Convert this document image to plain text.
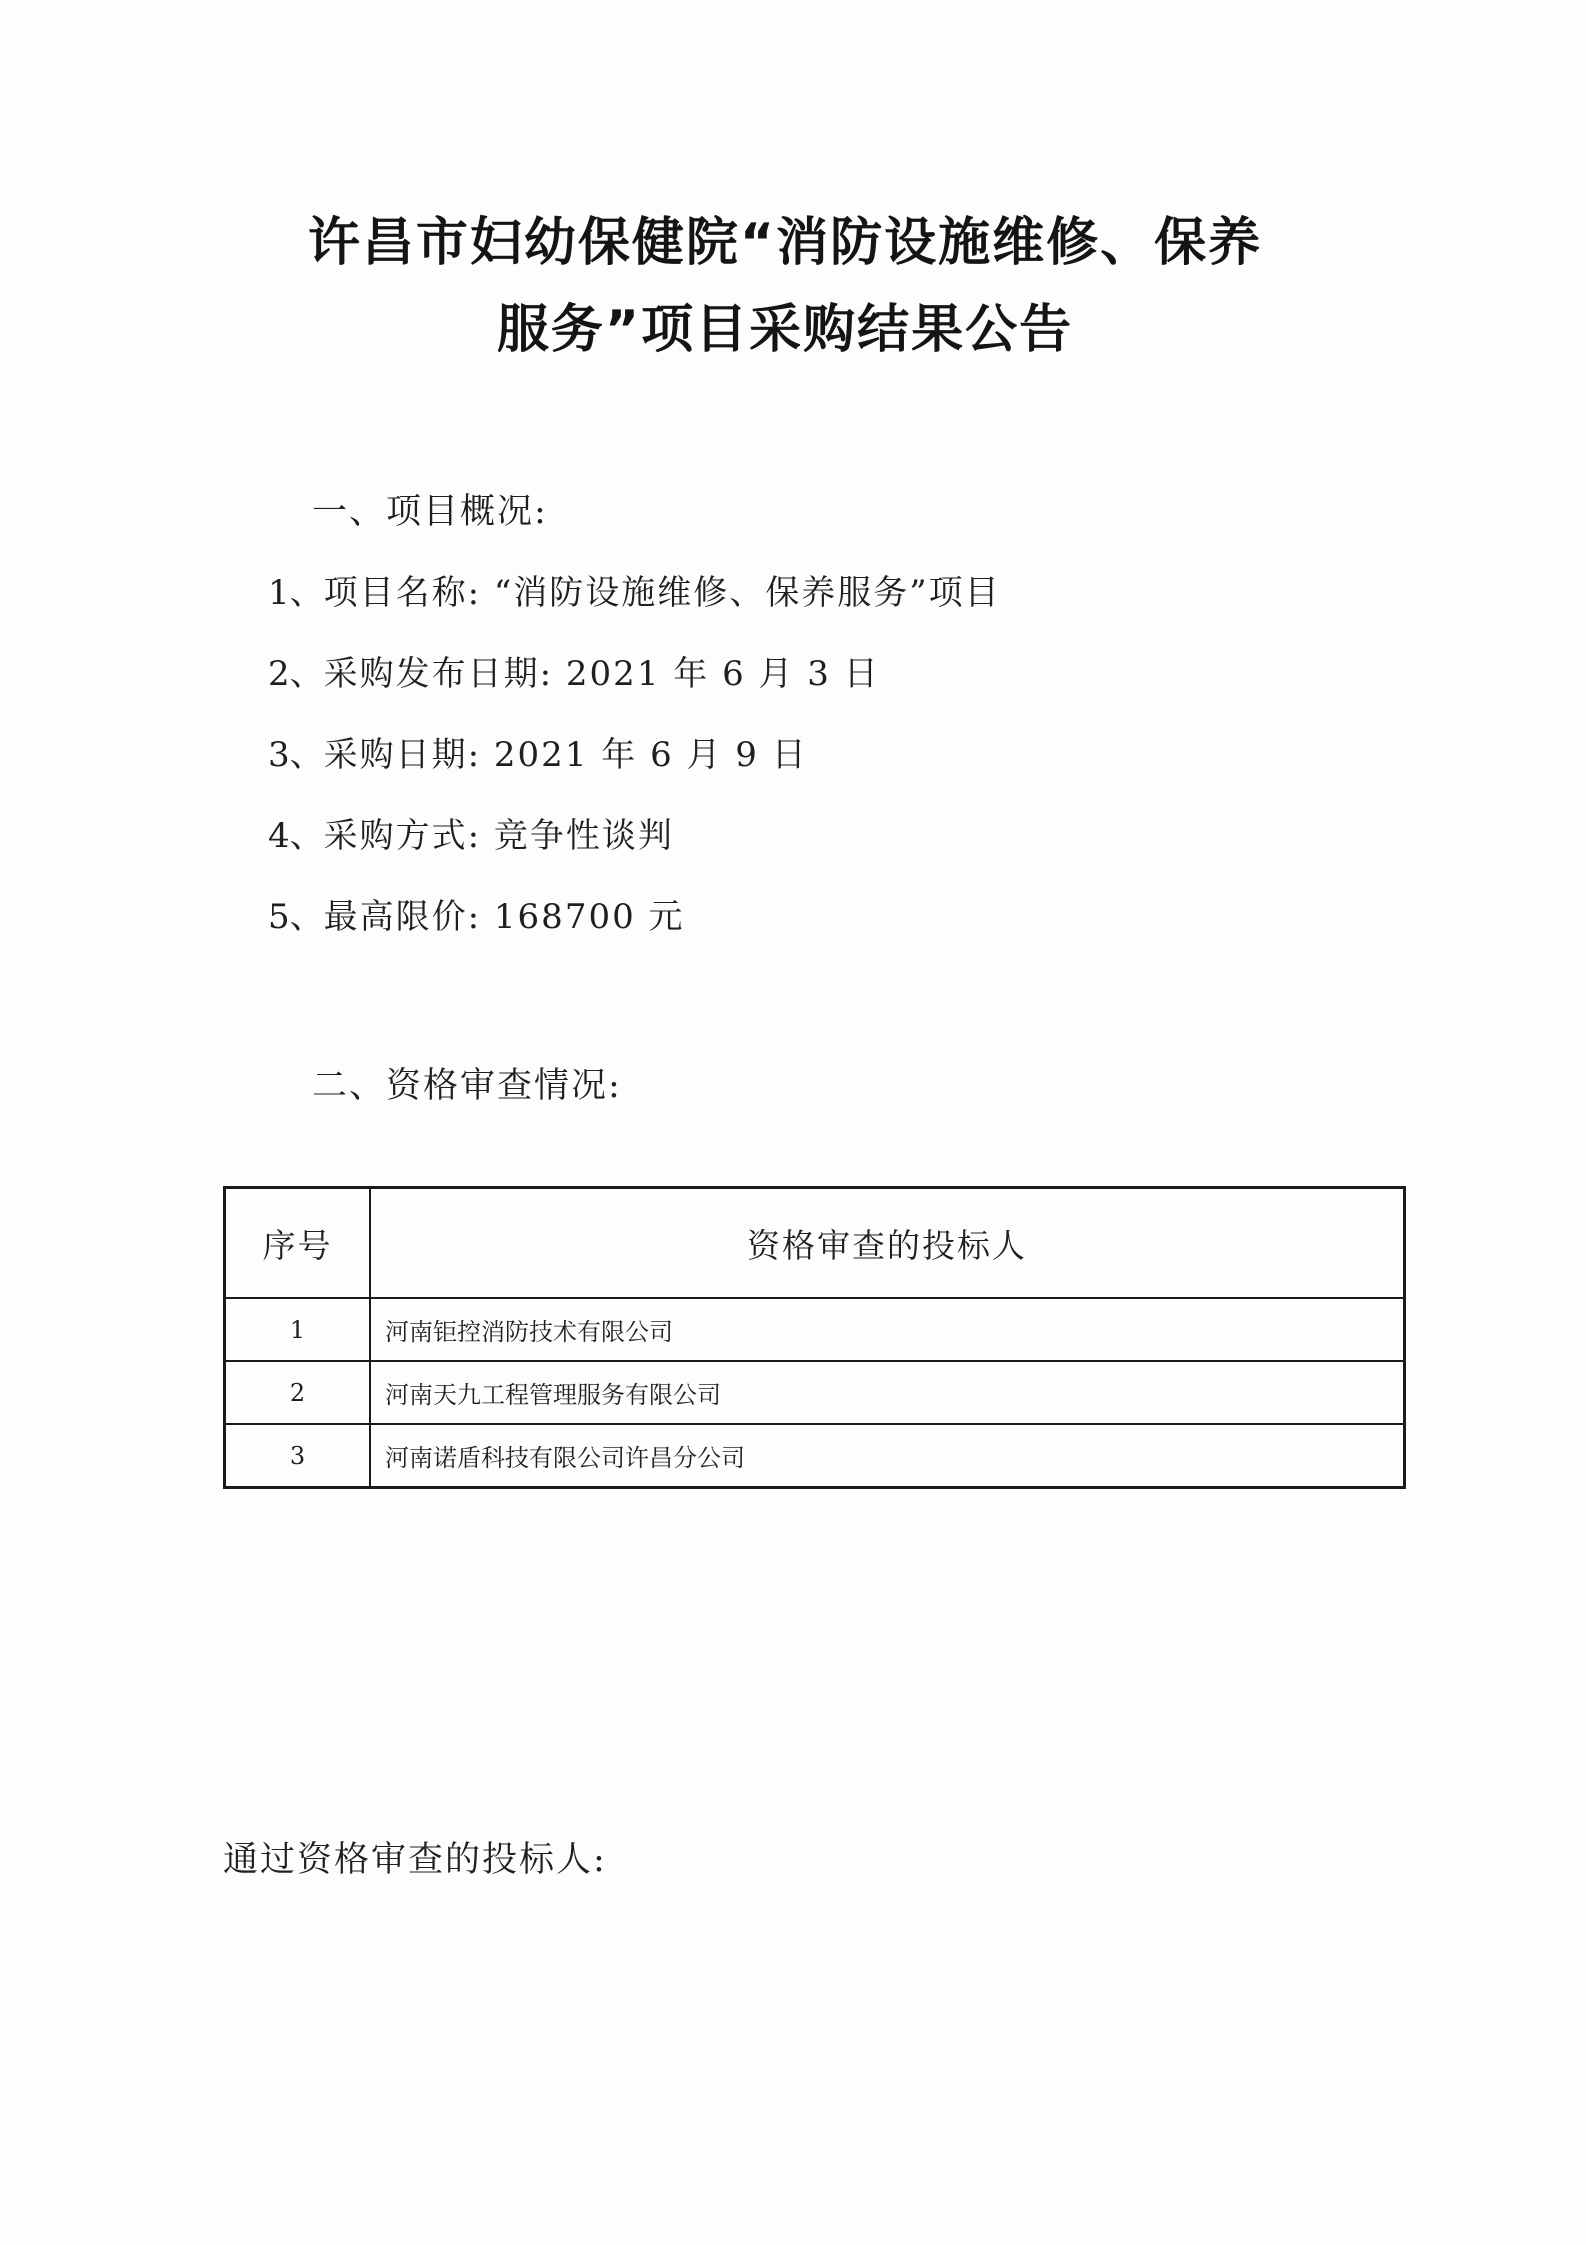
许昌市妇幼保健院“消防设施维修、保养
服务”项目采购结果公告
一、项目概况:
1、项目名称: “消防设施维修、保养服务”项目
2、采购发布日期: 2021 年 6 月 3 日
3、采购日期: 2021 年 6 月 9 日
4、采购方式: 竞争性谈判
5、最高限价: 168700 元
二、资格审查情况:
序号	资格审查的投标人
1	河南钜控消防技术有限公司
2	河南天九工程管理服务有限公司
3	河南诺盾科技有限公司许昌分公司
通过资格审查的投标人:
